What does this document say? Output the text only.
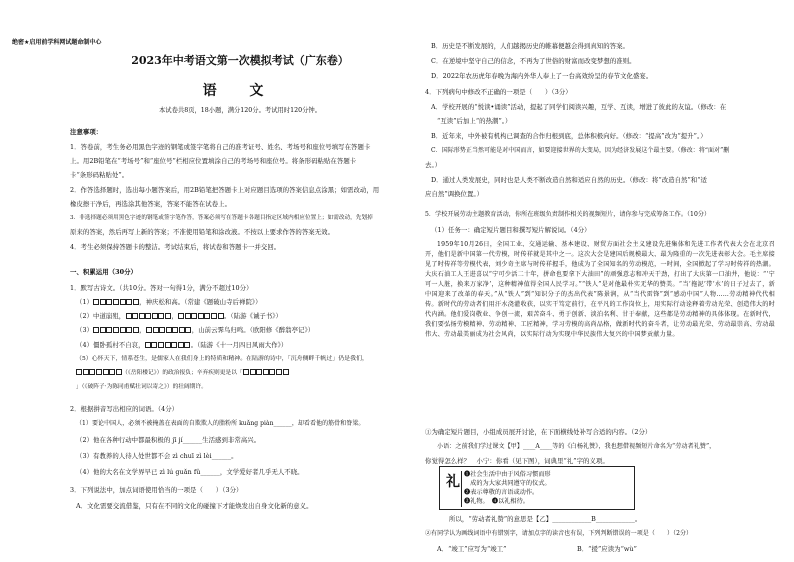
绝密★启用前学科网试题命制中心
2023年中考语文第一次模拟考试（广东卷）
语 文
本试卷共8页，18小题，满分120分。考试用时120分钟。
注意事项：
1．答卷前，考生务必用黑色字迹的钢笔或签字笔将自己的准考证号、姓名、考场号和座位号填写在答题卡
上。用2B铅笔在“考场号”和“座位号”栏相应位置填涂自己的考场号和座位号。将条形码粘贴在答题卡
卡“条形码粘贴处”。
2．作答选择题时，选出每小题答案后，用2B铅笔把答题卡上对应题目选项的答案信息点涂黑；如需改动，用
橡皮擦干净后，再选涂其他答案，答案不能答在试卷上。
3．非选择题必须用黑色字迹的钢笔或签字笔作答，答案必须写在答题卡各题目指定区域内相应位置上；如需改动，先划掉
原来的答案，然后再写上新的答案；不准使用铅笔和涂改液。不按以上要求作答的答案无效。
4．考生必须保持答题卡的整洁。考试结束后，将试卷和答题卡一并交回。
一、积累运用（30分）
1．默写古诗文。（共10分。答对一句得1分，满分不超过10分）
（1）	，神庆松和高。（常建《题破山寺后禅院》）
（2）中道崩殂，	，	。（陆游《诫子书》）
（3）	，	，山前云霁鸟归鸣。（欧阳修《醉翁亭记》）
（4）僵卧孤村不自哀，	。（陆游《十一月四日风雨大作》）
（5）心怀天下，情系苍生，是儒家人在我们身上的特质和精神。在陆游的诗中，「沉舟侧畔千帆过」仍是我们，
（《岳阳楼记》）的政治报负；辛弃疾则更是以「
」（《破阵子·为陈同甫赋壮词以寄之》）的壮阔期许。
2．根据拼音写出相应的词语。（4分）
（1）要论中国人，必须不被掩盖在表面的自欺欺人的脂粉所 kuǎng piàn______，却看看他的筋骨和脊梁。
（2）他在各种行动中都最积极的 jī jí______生活感到非常高兴。
（3）有教养的人待人处世都不会 zì chuī zì lèi______。
（4）他的大名在文学界早已 zì lú guǎn fǔ______，文学爱好者几乎无人不晓。
3．下列说法中，加点词语使用恰当的一项是（　　）（3分）
A．文化需要交流借鉴，只有在不同的文化的碰撞下才能焕发出自身文化新的意义。
B．历史是不断发展的，人们越揭历史的帷幕便越会得到真知的答案。
C．在逆境中坚守自己的信念，不再为了世俗的财富而改变梦想的准则。
D．2022年农历虎年春晚为海内外华人奉上了一台高效纷呈的春节文化盛宴。
4．下列病句中修改不正确的一项是（　　）（3分）
A．学校开展的“悦读•诵读”活动，提起了同学们阅读兴趣，互学、互读，增进了彼此的友谊。（修改：在
“互读”后加上“的热潮”。）
B．近年来，中外被有机构已调查的合作归根到底，总体积极向好。（修改：“提高”改为“提升”。）
C．国际形势正当然可能是对中国而言，如要迎接世界的大变局，因为经济发展这个最主要。（修改：将“面对”删
去。）
D．通过人类发展史，同时也是人类不断改造自然和适应自然的历史。（修改：将“改造自然”和“适
应自然”调换位置。）
5．学校开展劳动主题教育活动，你所在班级负责制作相关的视频短片，请你参与完成筹备工作。（10分）
（1）任务一：确定短片题目和撰写短片解说词。（4分）
1959年10月26日，全国工业、交通运输、基本建设、财贸方面社会主义建设先进集体和先进工作者代表大会在北京召开，他们是新中国第一代劳模，时传祥就是其中之一。这次大会是建国后规模最大、最为隆重的一次先进表彰大会。毛主席接见了时传祥等劳模代表，刘少奇主席与时传祥握手，他成为了全国知名的劳动模范，一时间，全国掀起了学习时传祥的热潮。大庆石油工人王进喜以“宁可少活二十年，拼命也要拿下大油田”的顽强意志和冲天干劲，打出了大庆第一口油井，他说：“‘宁可一人脏，换来万家净’，这种精神值得全国人民学习。”“铁人”是对他最朴实无华的赞美。“当‘拖泥’带‘水’的日子过去了，新中国迎来了改革的春天。”从“铁人”到“知识分子的杰出代表”陈景润，从“当代雷锋”到“感动中国”人物……劳动精神代代相传。新时代的劳动者们用汗水浇灌收获，以实干笃定前行，在平凡的工作岗位上，用实际行动诠释着劳动光荣、创造伟大的时代内涵。他们爱岗敬业、争创一流，艰苦奋斗、勇于创新、淡泊名利、甘于奉献，这些都是劳动精神的具体体现。在新时代，我们要弘扬劳模精神、劳动精神、工匠精神，学习劳模的高尚品格，做新时代的奋斗者，让劳动最光荣、劳动最崇高、劳动最伟大、劳动最美丽成为社会风尚，以实际行动为实现中华民族伟大复兴的中国梦贡献力量。
①为确定短片题目，小组成员展开讨论，在下面横线处补写合适的内容。（2分）
小语：之前我们学过课文【甲】____A____等的《白杨礼赞》，我也想借视频短片命名为“劳动者礼赞”，
你觉得怎么样？　小宁：你看（见下图），词典里“礼”字的义项。
礼 ❶社会生活中由于风俗习惯而形
　成的为大家共同遵守的仪式。
❷表示尊敬的言语或动作。
❸礼物。　❹以礼相待。
所以，“劳动者礼赞”的意思是【乙】____________B____________。
②有同学认为画线词语中有错别字，请加点字的读音也有误，下列判断错误的一项是（　　）（2分）
A．“竣工”应写为“竣工”	B．“援”应读为“wù”
